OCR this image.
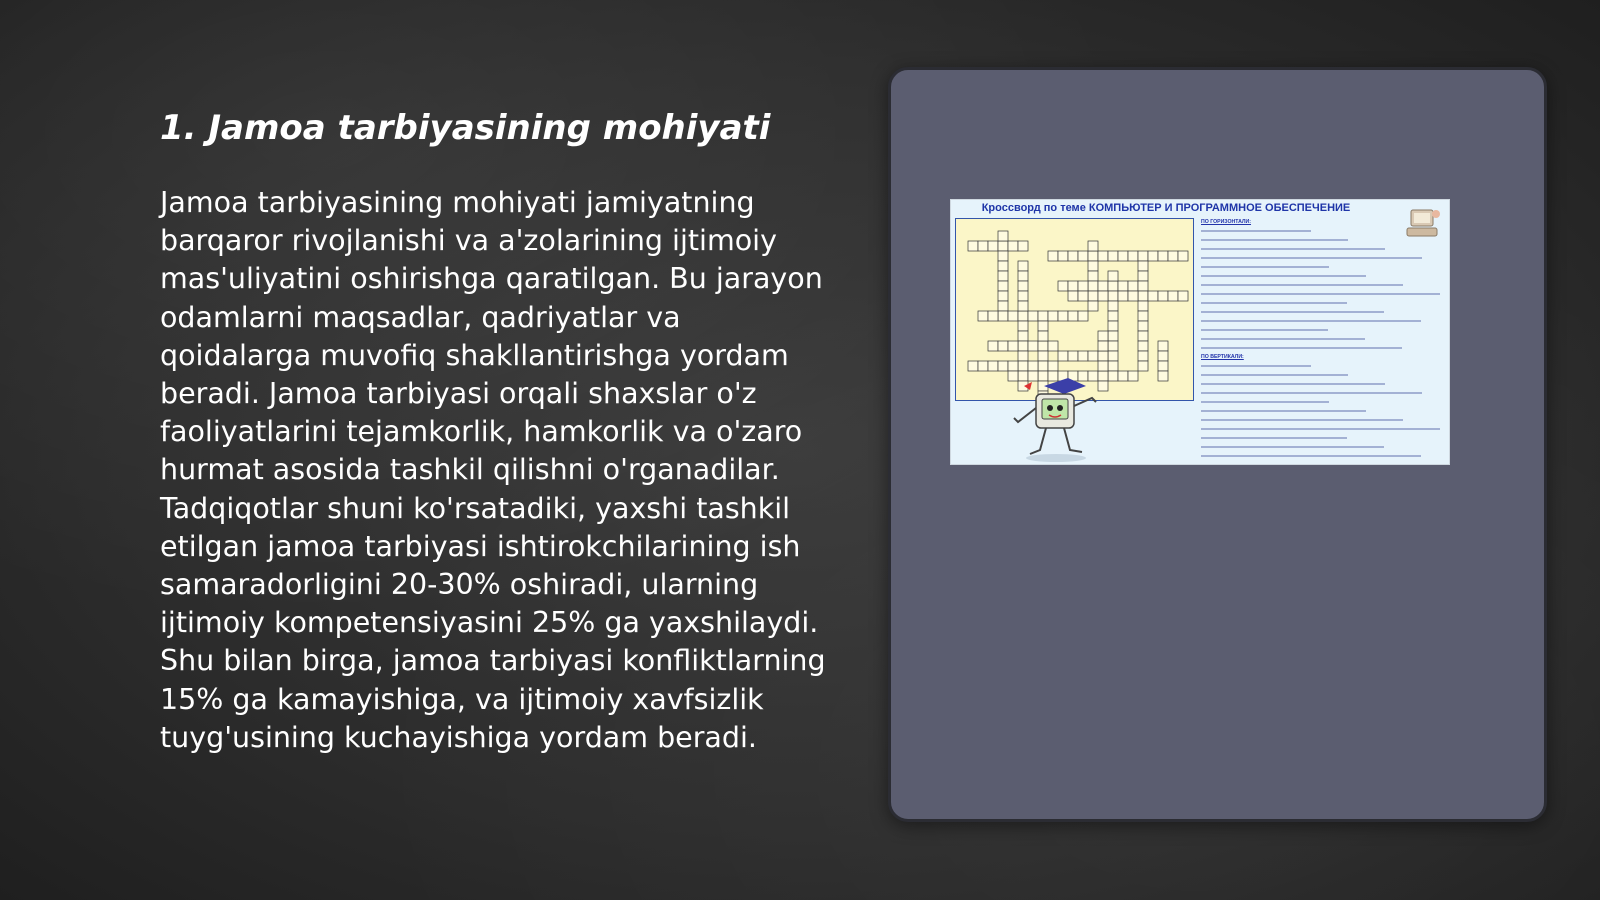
1. Jamoa tarbiyasining mohiyati

Jamoa tarbiyasining mohiyati jamiyatning barqaror rivojlanishi va a'zolarining ijtimoiy mas'uliyatini oshirishga qaratilgan. Bu jarayon odamlarni maqsadlar, qadriyatlar va qoidalarga muvofiq shakllantirishga yordam beradi. Jamoa tarbiyasi orqali shaxslar o'z faoliyatlarini tejamkorlik, hamkorlik va o'zaro hurmat asosida tashkil qilishni o'rganadilar. Tadqiqotlar shuni ko'rsatadiki, yaxshi tashkil etilgan jamoa tarbiyasi ishtirokchilarining ish samaradorligini 20-30% oshiradi, ularning ijtimoiy kompetensiyasini 25% ga yaxshilaydi. Shu bilan birga, jamoa tarbiyasi konfliktlarning 15% ga kamayishiga, va ijtimoiy xavfsizlik tuyg'usining kuchayishiga yordam beradi.

Кроссворд по теме КОМПЬЮТЕР И ПРОГРАММНОЕ ОБЕСПЕЧЕНИЕ
ПО ГОРИЗОНТАЛИ:
ПО ВЕРТИКАЛИ:
